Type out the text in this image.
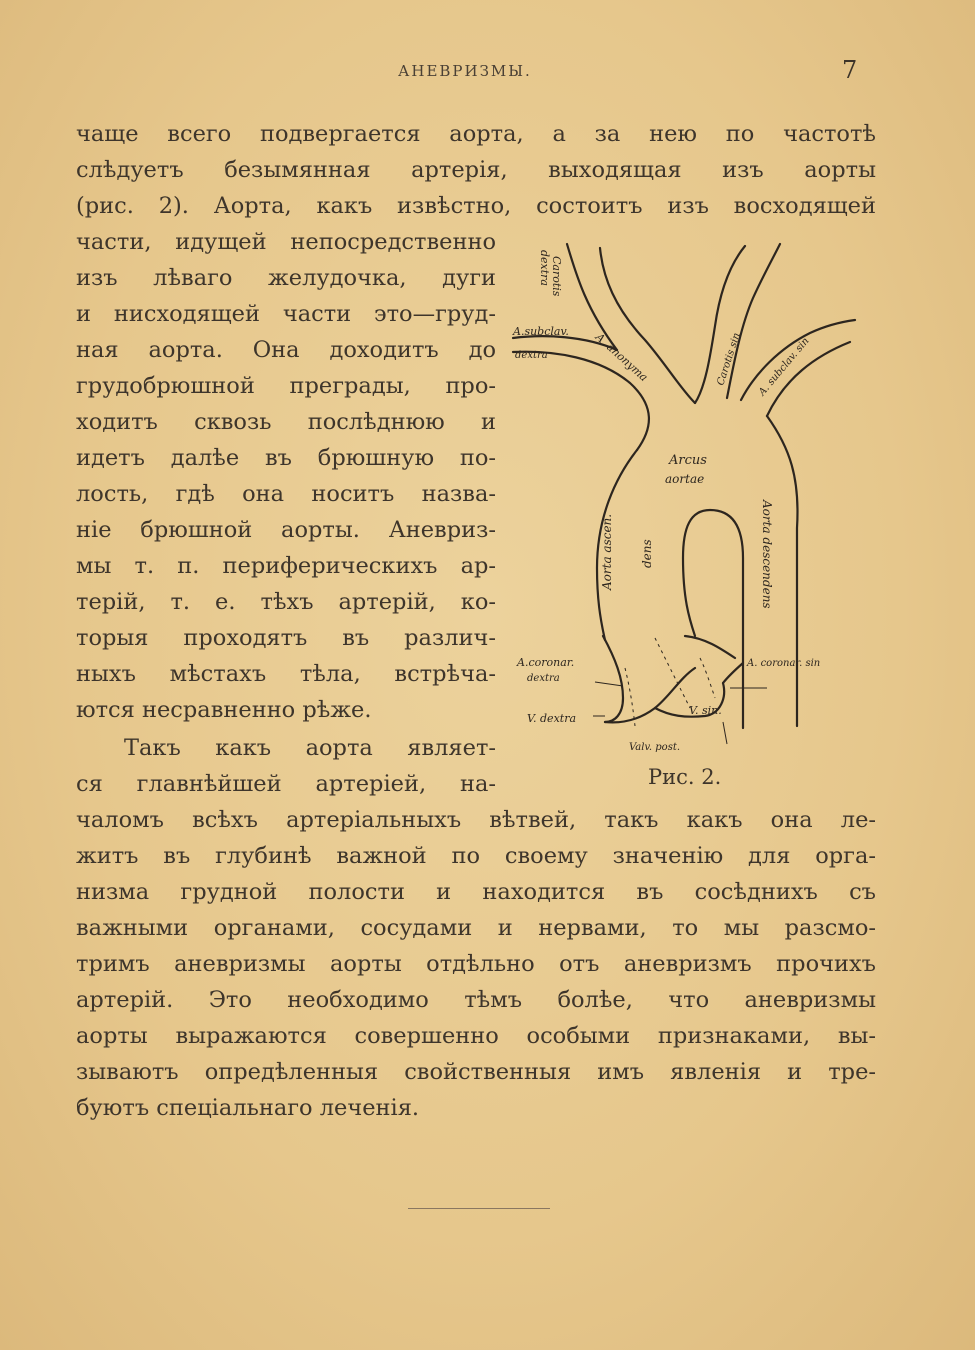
АНЕВРИЗМЫ.	7
чаще всего подвергается аорта, а за нею по частотѣ
слѣдуетъ безымянная артерія, выходящая изъ аорты
(рис. 2). Аорта, какъ извѣстно, состоитъ изъ восходящей
части, идущей непосредственно
изъ лѣваго желудочка, дуги
и нисходящей части это—груд-
ная аорта. Она доходитъ до
грудобрюшной преграды, про-
ходитъ сквозь послѣднюю и
идетъ далѣе въ брюшную по-
лость, гдѣ она носитъ назва-
ніе брюшной аорты. Аневриз-
мы т. п. периферическихъ ар-
терій, т. е. тѣхъ артерій, ко-
торыя проходятъ въ различ-
ныхъ мѣстахъ тѣла, встрѣча-
ются несравненно рѣже.
Такъ какъ аорта являет-
ся главнѣйшей артеріей, на-
чаломъ всѣхъ артеріальныхъ вѣтвей, такъ какъ она ле-
житъ въ глубинѣ важной по своему значенію для орга-
низма грудной полости и находится въ сосѣднихъ съ
важными органами, сосудами и нервами, то мы разсмо-
тримъ аневризмы аорты отдѣльно отъ аневризмъ прочихъ
артерій. Это необходимо тѣмъ болѣе, что аневризмы
аорты выражаются совершенно особыми признаками, вы-
зываютъ опредѣленныя свойственныя имъ явленія и тре-
буютъ спеціальнаго леченія.
Carotis
dextra
A.subclav.
dextra	A. anonyma	Carotis sin A. subclav. sin
Arcus
aortae
Aorta ascen. dens	Aorta descendens
A.coronar.
dextra
A. coronar. sin
V. dextra
V. sin.
Valv. post.
Рис. 2.
